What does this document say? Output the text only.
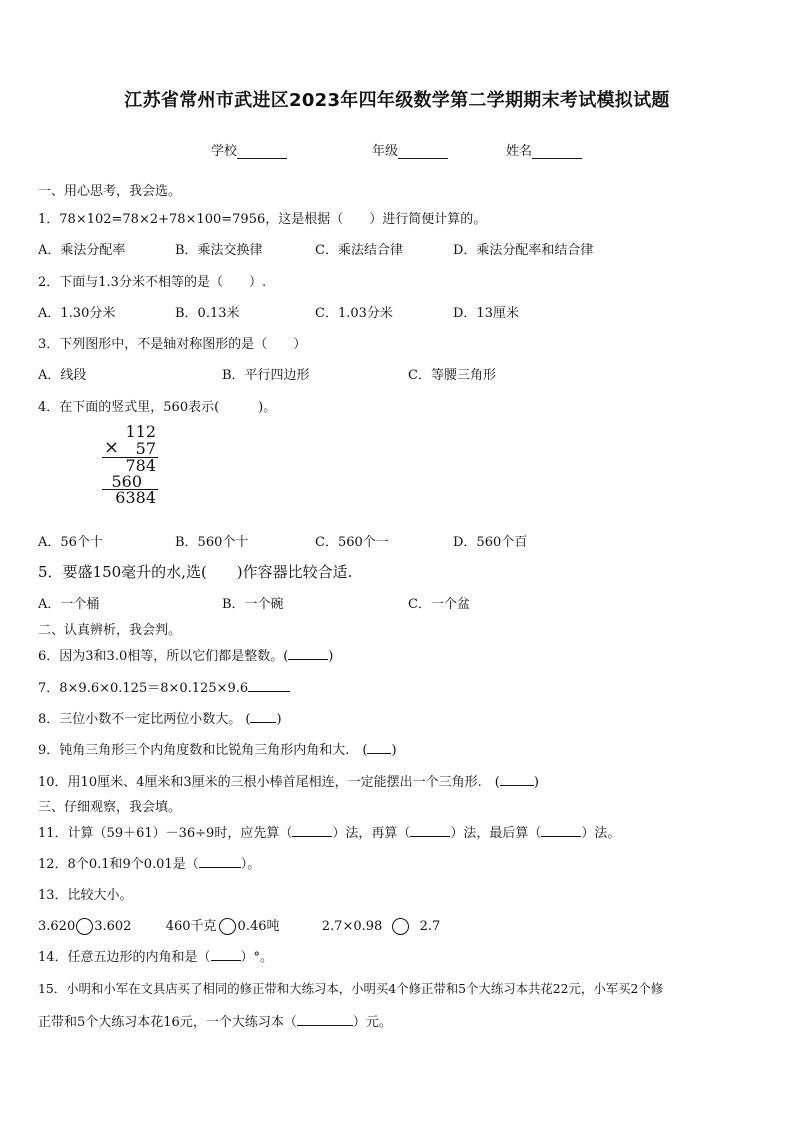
江苏省常州市武进区2023年四年级数学第二学期期末考试模拟试题
学校	年级	姓名
一、用心思考，我会选。
1．78×102=78×2+78×100=7956，这是根据（　　）进行简便计算的。
A．乘法分配率	B．乘法交换律	C．乘法结合律	D．乘法分配率和结合律
2．下面与1.3分米不相等的是（　　）.
A．1.30分米	B．0.13米	C．1.03分米	D．13厘米
3．下列图形中，不是轴对称图形的是（　　）
A．线段	B．平行四边形	C．等腰三角形
4．在下面的竖式里，560表示(　　　)。
112
× 57
784
560
6384
A．56个十	B．560个十	C．560个一	D．560个百
5．要盛150毫升的水,选(　　)作容器比较合适.
A．一个桶	B．一个碗	C．一个盆
二、认真辨析，我会判。
6．因为3和3.0相等，所以它们都是整数。(	)
7．8×9.6×0.125＝8×0.125×9.6
8．三位小数不一定比两位小数大。 ( )
9．钝角三角形三个内角度数和比锐角三角形内角和大.　( )
10．用10厘米、4厘米和3厘米的三根小棒首尾相连，一定能摆出一个三角形.　(	)
三、仔细观察，我会填。
11．计算（59＋61）－36÷9时，应先算（	）法，再算（	）法，最后算（	）法。
12．8个0.1和9个0.01是（	）。
13．比较大小。
3.620 3.602	460千克 0.46吨	2.7×0.98	2.7
14．任意五边形的内角和是（ ）°。
15．小明和小军在文具店买了相同的修正带和大练习本，小明买4个修正带和5个大练习本共花22元，小军买2个修
正带和5个大练习本花16元，一个大练习本（	）元。
